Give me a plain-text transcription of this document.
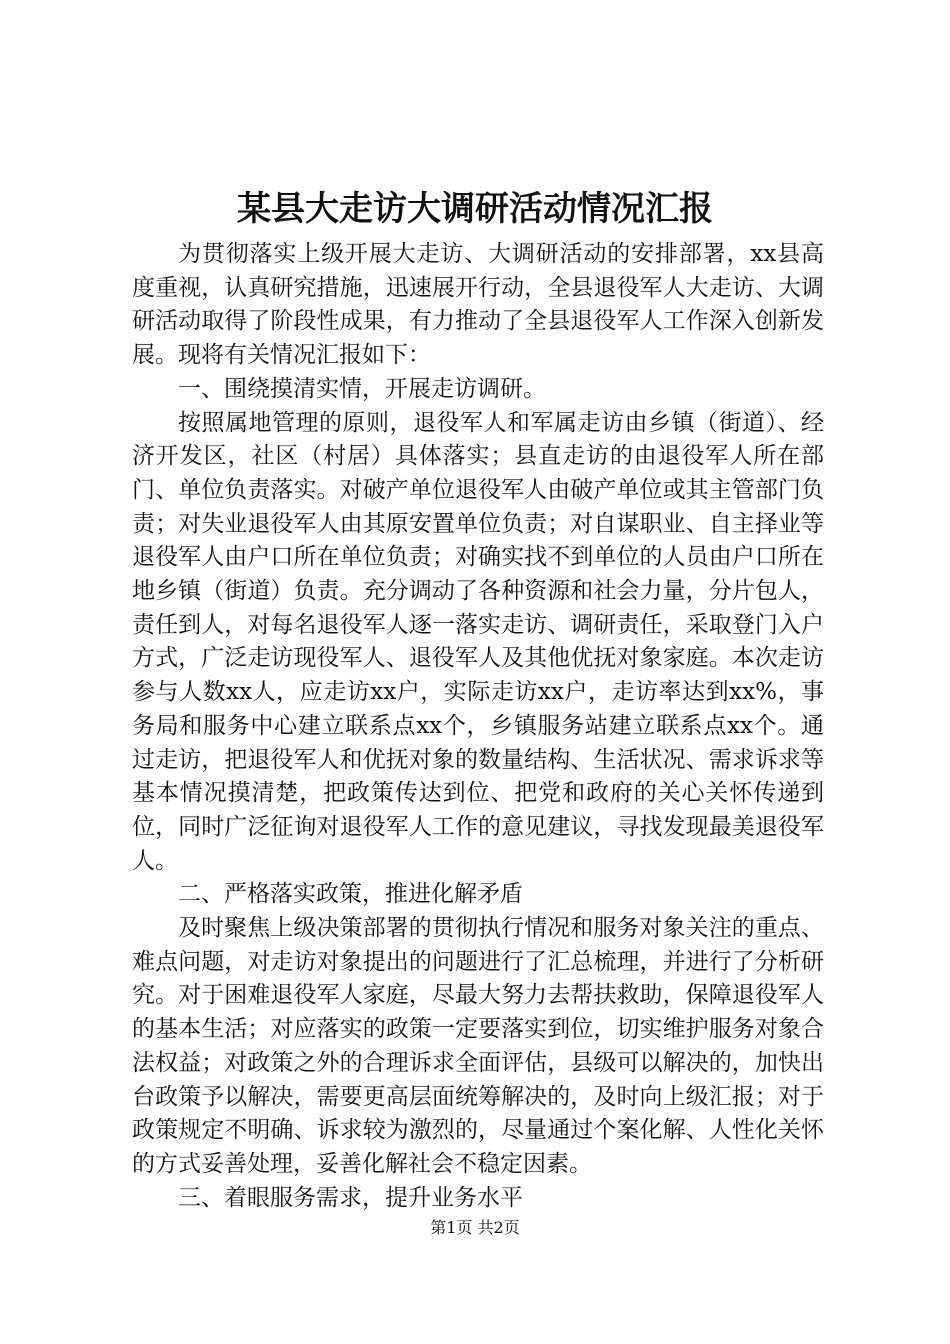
某县大走访大调研活动情况汇报

为贯彻落实上级开展大走访、大调研活动的安排部署，xx县高度重视，认真研究措施，迅速展开行动，全县退役军人大走访、大调研活动取得了阶段性成果，有力推动了全县退役军人工作深入创新发展。现将有关情况汇报如下：

一、围绕摸清实情，开展走访调研。

按照属地管理的原则，退役军人和军属走访由乡镇（街道）、经济开发区，社区（村居）具体落实；县直走访的由退役军人所在部门、单位负责落实。对破产单位退役军人由破产单位或其主管部门负责；对失业退役军人由其原安置单位负责；对自谋职业、自主择业等退役军人由户口所在单位负责；对确实找不到单位的人员由户口所在地乡镇（街道）负责。充分调动了各种资源和社会力量，分片包人，责任到人，对每名退役军人逐一落实走访、调研责任，采取登门入户方式，广泛走访现役军人、退役军人及其他优抚对象家庭。本次走访参与人数xx人，应走访xx户，实际走访xx户，走访率达到xx%，事务局和服务中心建立联系点xx个，乡镇服务站建立联系点xx个。通过走访，把退役军人和优抚对象的数量结构、生活状况、需求诉求等基本情况摸清楚，把政策传达到位、把党和政府的关心关怀传递到位，同时广泛征询对退役军人工作的意见建议，寻找发现最美退役军人。

二、严格落实政策，推进化解矛盾

及时聚焦上级决策部署的贯彻执行情况和服务对象关注的重点、难点问题，对走访对象提出的问题进行了汇总梳理，并进行了分析研究。对于困难退役军人家庭，尽最大努力去帮扶救助，保障退役军人的基本生活；对应落实的政策一定要落实到位，切实维护服务对象合法权益；对政策之外的合理诉求全面评估，县级可以解决的，加快出台政策予以解决，需要更高层面统筹解决的，及时向上级汇报；对于政策规定不明确、诉求较为激烈的，尽量通过个案化解、人性化关怀的方式妥善处理，妥善化解社会不稳定因素。

三、着眼服务需求，提升业务水平

第1页 共2页
